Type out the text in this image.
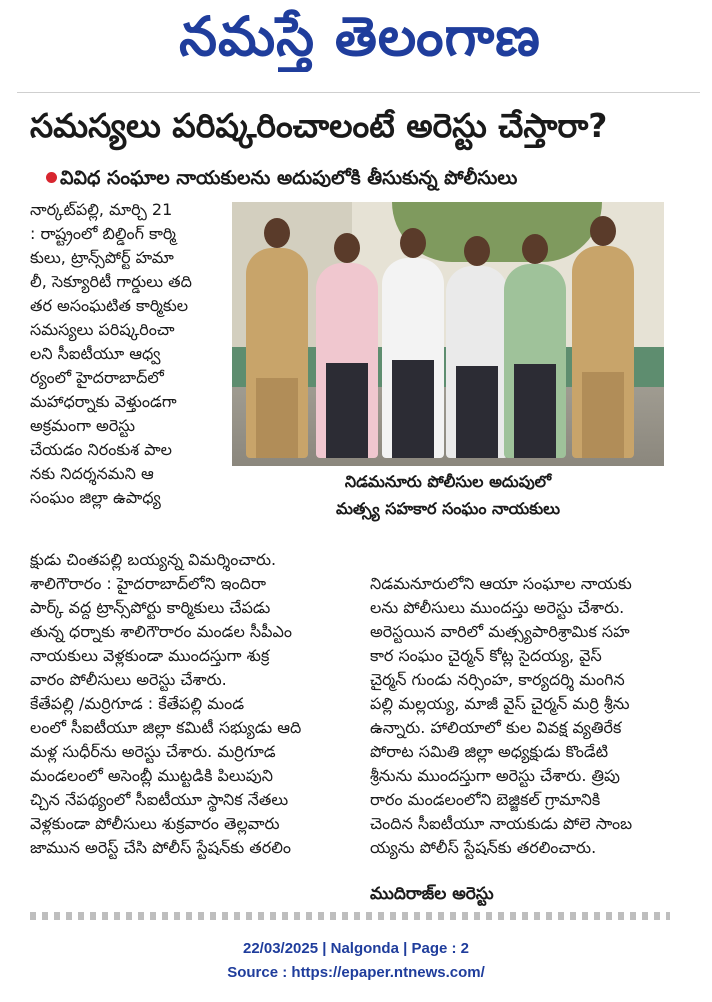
నమస్తే తెలంగాణ
సమస్యలు పరిష్కరించాలంటే అరెస్టు చేస్తారా?
వివిధ సంఘాల నాయకులను అదుపులోకి తీసుకున్న పోలీసులు
నిడమనూరు పోలీసుల అదుపులో
మత్స్య సహకార సంఘం నాయకులు
నార్కట్‌పల్లి, మార్చి 21
: రాష్ట్రంలో బిల్డింగ్ కార్మి
కులు, ట్రాన్స్‌పోర్ట్ హమా
లీ, సెక్యూరిటీ గార్డులు తది
తర అసంఘటిత కార్మికుల
సమస్యలు పరిష్కరించా
లని సీఐటీయూ ఆధ్వ
ర్యంలో హైదరాబాద్‌లో
మహాధర్నాకు వెళ్తుండగా
అక్రమంగా అరెస్టు
చేయడం నిరంకుశ పాల
నకు నిదర్శనమని ఆ
సంఘం జిల్లా ఉపాధ్య
క్షుడు చింతపల్లి బయ్యన్న విమర్శించారు.
శాలిగౌరారం : హైదరాబాద్‌లోని ఇందిరా
పార్క్ వద్ద ట్రాన్స్‌పోర్టు కార్మికులు చేపడు
తున్న ధర్నాకు శాలిగౌరారం మండల సీపీఎం
నాయకులు వెళ్లకుండా ముందస్తుగా శుక్ర
వారం పోలీసులు అరెస్టు చేశారు.
కేతేపల్లి /మర్రిగూడ : కేతేపల్లి మండ
లంలో సీఐటీయూ జిల్లా కమిటీ సభ్యుడు ఆది
మళ్ల సుధీర్‌ను అరెస్టు చేశారు. మర్రిగూడ
మండలంలో అసెంబ్లీ ముట్టడికి పిలుపుని
చ్చిన నేపథ్యంలో సీఐటీయూ స్థానిక నేతలు
వెళ్లకుండా పోలీసులు శుక్రవారం తెల్లవారు
జామున అరెస్ట్ చేసి పోలీస్ స్టేషన్‌కు తరలిం
నిడమనూరులోని ఆయా సంఘాల నాయకు
లను పోలీసులు ముందస్తు అరెస్టు చేశారు.
అరెస్టయిన వారిలో మత్స్యపారిశ్రామిక సహ
కార సంఘం చైర్మన్ కోట్ల సైదయ్య, వైస్
చైర్మన్ గుండు నర్సింహ, కార్యదర్శి మంగిన
పల్లి మల్లయ్య, మాజీ వైస్ చైర్మన్ మర్రి శ్రీను
ఉన్నారు. హాలియాలో కుల వివక్ష వ్యతిరేక
పోరాట సమితి జిల్లా అధ్యక్షుడు కొండేటి
శ్రీనును ముందస్తుగా అరెస్టు చేశారు. త్రిపు
రారం మండలంలోని బెజ్జికల్ గ్రామానికి
చెందిన సీఐటీయూ నాయకుడు పోలె సాంబ
య్యను పోలీస్ స్టేషన్‌కు తరలించారు.
ముదిరాజ్‌ల అరెస్టు
22/03/2025 | Nalgonda | Page : 2
Source : https://epaper.ntnews.com/
